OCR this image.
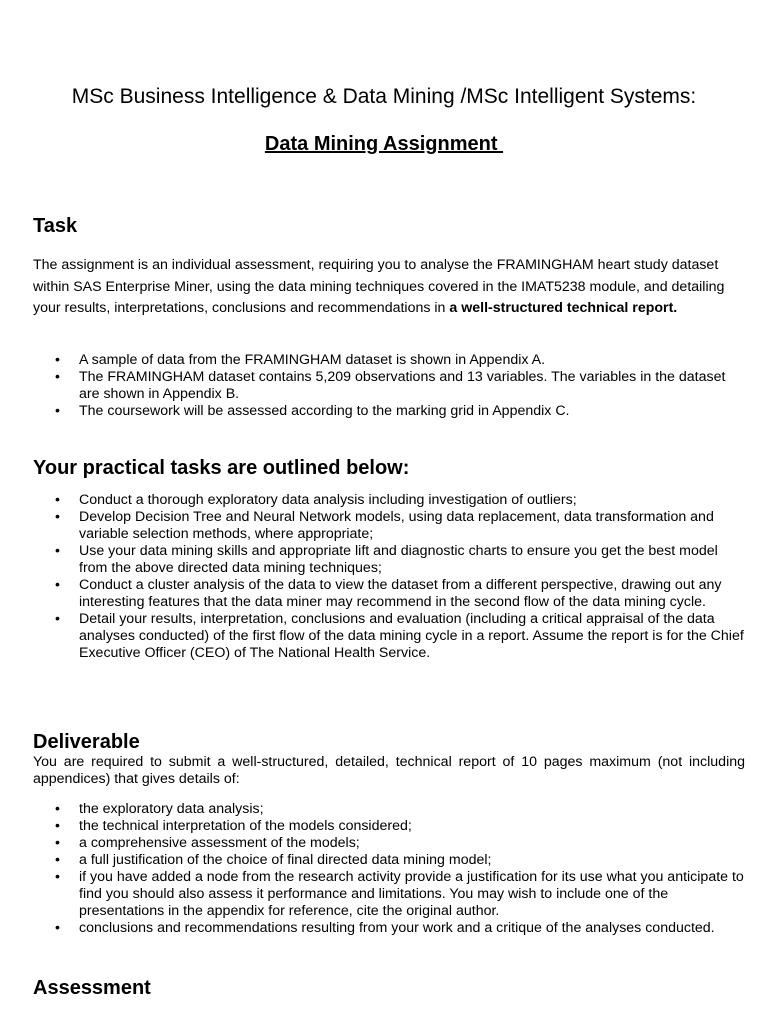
MSc Business Intelligence & Data Mining /MSc Intelligent Systems:
Data Mining Assignment
Task
The assignment is an individual assessment, requiring you to analyse the FRAMINGHAM heart study dataset within SAS Enterprise Miner, using the data mining techniques covered in the IMAT5238 module, and detailing your results, interpretations, conclusions and recommendations in a well-structured technical report.
• A sample of data from the FRAMINGHAM dataset is shown in Appendix A.
• The FRAMINGHAM dataset contains 5,209 observations and 13 variables. The variables in the dataset are shown in Appendix B.
• The coursework will be assessed according to the marking grid in Appendix C.
Your practical tasks are outlined below:
• Conduct a thorough exploratory data analysis including investigation of outliers;
• Develop Decision Tree and Neural Network models, using data replacement, data transformation and variable selection methods, where appropriate;
• Use your data mining skills and appropriate lift and diagnostic charts to ensure you get the best model from the above directed data mining techniques;
• Conduct a cluster analysis of the data to view the dataset from a different perspective, drawing out any interesting features that the data miner may recommend in the second flow of the data mining cycle.
• Detail your results, interpretation, conclusions and evaluation (including a critical appraisal of the data analyses conducted) of the first flow of the data mining cycle in a report. Assume the report is for the Chief Executive Officer (CEO) of The National Health Service.
Deliverable
You are required to submit a well-structured, detailed, technical report of 10 pages maximum (not including appendices) that gives details of:
• the exploratory data analysis;
• the technical interpretation of the models considered;
• a comprehensive assessment of the models;
• a full justification of the choice of final directed data mining model;
• if you have added a node from the research activity provide a justification for its use what you anticipate to find you should also assess it performance and limitations. You may wish to include one of the presentations in the appendix for reference, cite the original author.
• conclusions and recommendations resulting from your work and a critique of the analyses conducted.
Assessment
